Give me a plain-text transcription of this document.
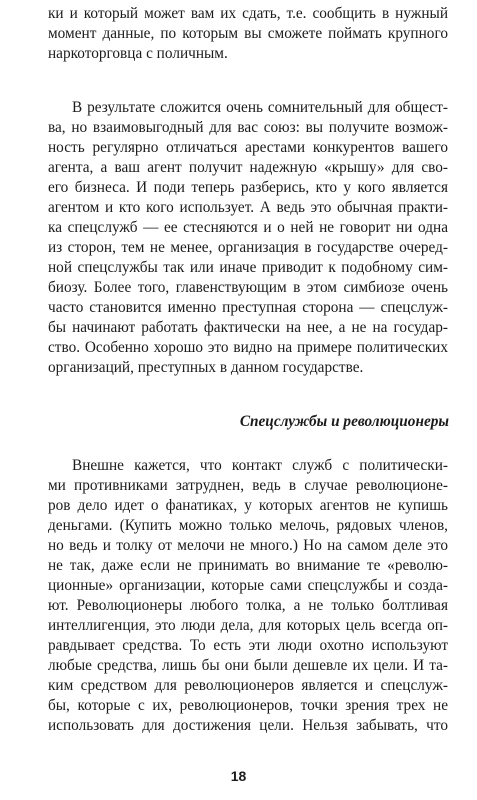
ки и который может вам их сдать, т.е. сообщить в нужный
момент данные, по которым вы сможете поймать крупного
наркоторговца с поличным.
В результате сложится очень сомнительный для общест-
ва, но взаимовыгодный для вас союз: вы получите возмож-
ность регулярно отличаться арестами конкурентов вашего
агента, а ваш агент получит надежную «крышу» для сво-
его бизнеса. И поди теперь разберись, кто у кого является
агентом и кто кого использует. А ведь это обычная практи-
ка спецслужб — ее стесняются и о ней не говорит ни одна
из сторон, тем не менее, организация в государстве очеред-
ной спецслужбы так или иначе приводит к подобному сим-
биозу. Более того, главенствующим в этом симбиозе очень
часто становится именно преступная сторона — спецслуж-
бы начинают работать фактически на нее, а не на государ-
ство. Особенно хорошо это видно на примере политических
организаций, преступных в данном государстве.
Спецслужбы и революционеры
Внешне кажется, что контакт служб с политически-
ми противниками затруднен, ведь в случае революционе-
ров дело идет о фанатиках, у которых агентов не купишь
деньгами. (Купить можно только мелочь, рядовых членов,
но ведь и толку от мелочи не много.) Но на самом деле это
не так, даже если не принимать во внимание те «револю-
ционные» организации, которые сами спецслужбы и созда-
ют. Революционеры любого толка, а не только болтливая
интеллигенция, это люди дела, для которых цель всегда оп-
равдывает средства. То есть эти люди охотно используют
любые средства, лишь бы они были дешевле их цели. И та-
ким средством для революционеров является и спецслуж-
бы, которые с их, революционеров, точки зрения трех не
использовать для достижения цели. Нельзя забывать, что
18
